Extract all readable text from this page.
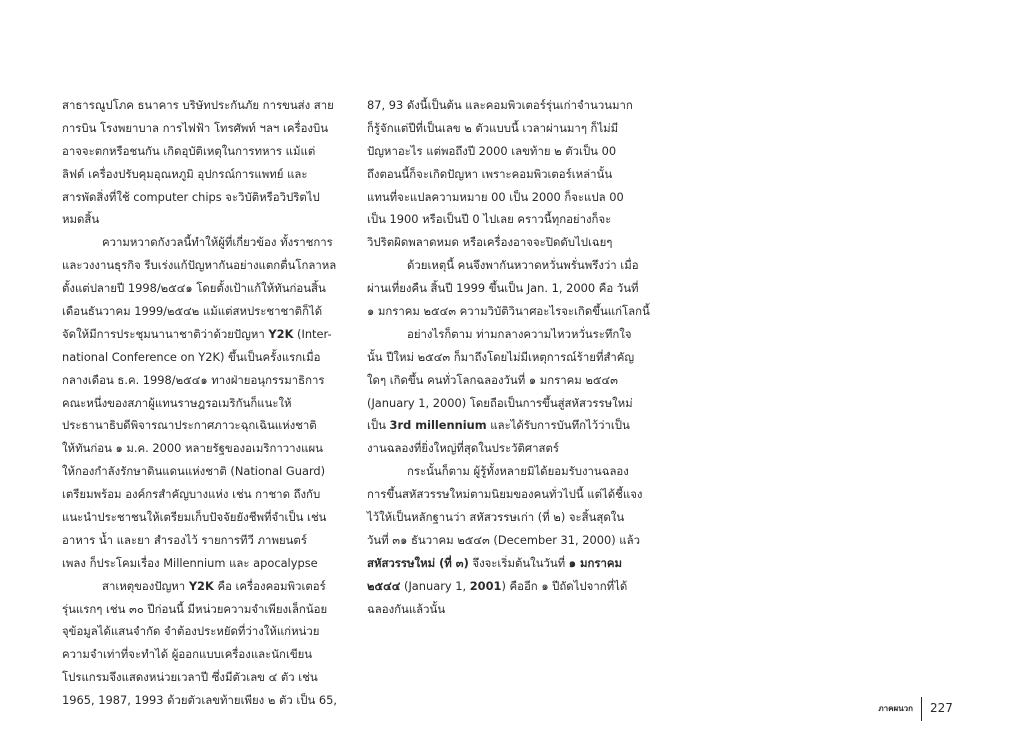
สาธารณูปโภค ธนาคาร บริษัทประกันภัย การขนส่ง สาย
การบิน โรงพยาบาล การไฟฟ้า โทรศัพท์ ฯลฯ เครื่องบิน
อาจจะตกหรือชนกัน เกิดอุบัติเหตุในการทหาร แม้แต่
ลิฟต์ เครื่องปรับคุมอุณหภูมิ อุปกรณ์การแพทย์ และ
สารพัดสิ่งที่ใช้ computer chips จะวิบัติหรือวิปริตไป
หมดสิ้น
ความหวาดกังวลนี้ทำให้ผู้ที่เกี่ยวข้อง ทั้งราชการ
และวงงานธุรกิจ รีบเร่งแก้ปัญหากันอย่างแตกตื่นโกลาหล
ตั้งแต่ปลายปี 1998/๒๕๔๑ โดยตั้งเป้าแก้ให้ทันก่อนสิ้น
เดือนธันวาคม 1999/๒๕๔๒ แม้แต่สหประชาชาติก็ได้
จัดให้มีการประชุมนานาชาติว่าด้วยปัญหา Y2K (Inter-
national Conference on Y2K) ขึ้นเป็นครั้งแรกเมื่อ
กลางเดือน ธ.ค. 1998/๒๕๔๑ ทางฝ่ายอนุกรรมาธิการ
คณะหนึ่งของสภาผู้แทนราษฎรอเมริกันก็แนะให้
ประธานาธิบดีพิจารณาประกาศภาวะฉุกเฉินแห่งชาติ
ให้ทันก่อน ๑ ม.ค. 2000 หลายรัฐของอเมริกาวางแผน
ให้กองกำลังรักษาดินแดนแห่งชาติ (National Guard)
เตรียมพร้อม องค์กรสำคัญบางแห่ง เช่น กาชาด ถึงกับ
แนะนำประชาชนให้เตรียมเก็บปัจจัยยังชีพที่จำเป็น เช่น
อาหาร น้ำ และยา สำรองไว้ รายการทีวี ภาพยนตร์
เพลง ก็ประโคมเรื่อง Millennium และ apocalypse
สาเหตุของปัญหา Y2K คือ เครื่องคอมพิวเตอร์
รุ่นแรกๆ เช่น ๓๐ ปีก่อนนี้ มีหน่วยความจำเพียงเล็กน้อย
จุข้อมูลได้แสนจำกัด จำต้องประหยัดที่ว่างให้แก่หน่วย
ความจำเท่าที่จะทำได้ ผู้ออกแบบเครื่องและนักเขียน
โปรแกรมจึงแสดงหน่วยเวลาปี ซึ่งมีตัวเลข ๔ ตัว เช่น
1965, 1987, 1993 ด้วยตัวเลขท้ายเพียง ๒ ตัว เป็น 65,
87, 93 ดังนี้เป็นต้น และคอมพิวเตอร์รุ่นเก่าจำนวนมาก
ก็รู้จักแต่ปีที่เป็นเลข ๒ ตัวแบบนี้ เวลาผ่านมาๆ ก็ไม่มี
ปัญหาอะไร แต่พอถึงปี 2000 เลขท้าย ๒ ตัวเป็น 00
ถึงตอนนี้ก็จะเกิดปัญหา เพราะคอมพิวเตอร์เหล่านั้น
แทนที่จะแปลความหมาย 00 เป็น 2000 ก็จะแปล 00
เป็น 1900 หรือเป็นปี 0 ไปเลย คราวนี้ทุกอย่างก็จะ
วิปริตผิดพลาดหมด หรือเครื่องอาจจะปิดดับไปเฉยๆ
ด้วยเหตุนี้ คนจึงพากันหวาดหวั่นพรั่นพรึงว่า เมื่อ
ผ่านเที่ยงคืน สิ้นปี 1999 ขึ้นเป็น Jan. 1, 2000 คือ วันที่
๑ มกราคม ๒๕๔๓ ความวิบัติวินาศอะไรจะเกิดขึ้นแก่โลกนี้
อย่างไรก็ตาม ท่ามกลางความไหวหวั่นระทึกใจ
นั้น ปีใหม่ ๒๕๔๓ ก็มาถึงโดยไม่มีเหตุการณ์ร้ายที่สำคัญ
ใดๆ เกิดขึ้น คนทั่วโลกฉลองวันที่ ๑ มกราคม ๒๕๔๓
(January 1, 2000) โดยถือเป็นการขึ้นสู่สหัสวรรษใหม่
เป็น 3rd millennium และได้รับการบันทึกไว้ว่าเป็น
งานฉลองที่ยิ่งใหญ่ที่สุดในประวัติศาสตร์
กระนั้นก็ตาม ผู้รู้ทั้งหลายมิได้ยอมรับงานฉลอง
การขึ้นสหัสวรรษใหม่ตามนิยมของคนทั่วไปนี้ แต่ได้ชี้แจง
ไว้ให้เป็นหลักฐานว่า สหัสวรรษเก่า (ที่ ๒) จะสิ้นสุดใน
วันที่ ๓๑ ธันวาคม ๒๕๔๓ (December 31, 2000) แล้ว
สหัสวรรษใหม่ (ที่ ๓) จึงจะเริ่มต้นในวันที่ ๑ มกราคม
๒๕๔๔ (January 1, 2001) คืออีก ๑ ปีถัดไปจากที่ได้
ฉลองกันแล้วนั้น
ภาคผนวก 227
